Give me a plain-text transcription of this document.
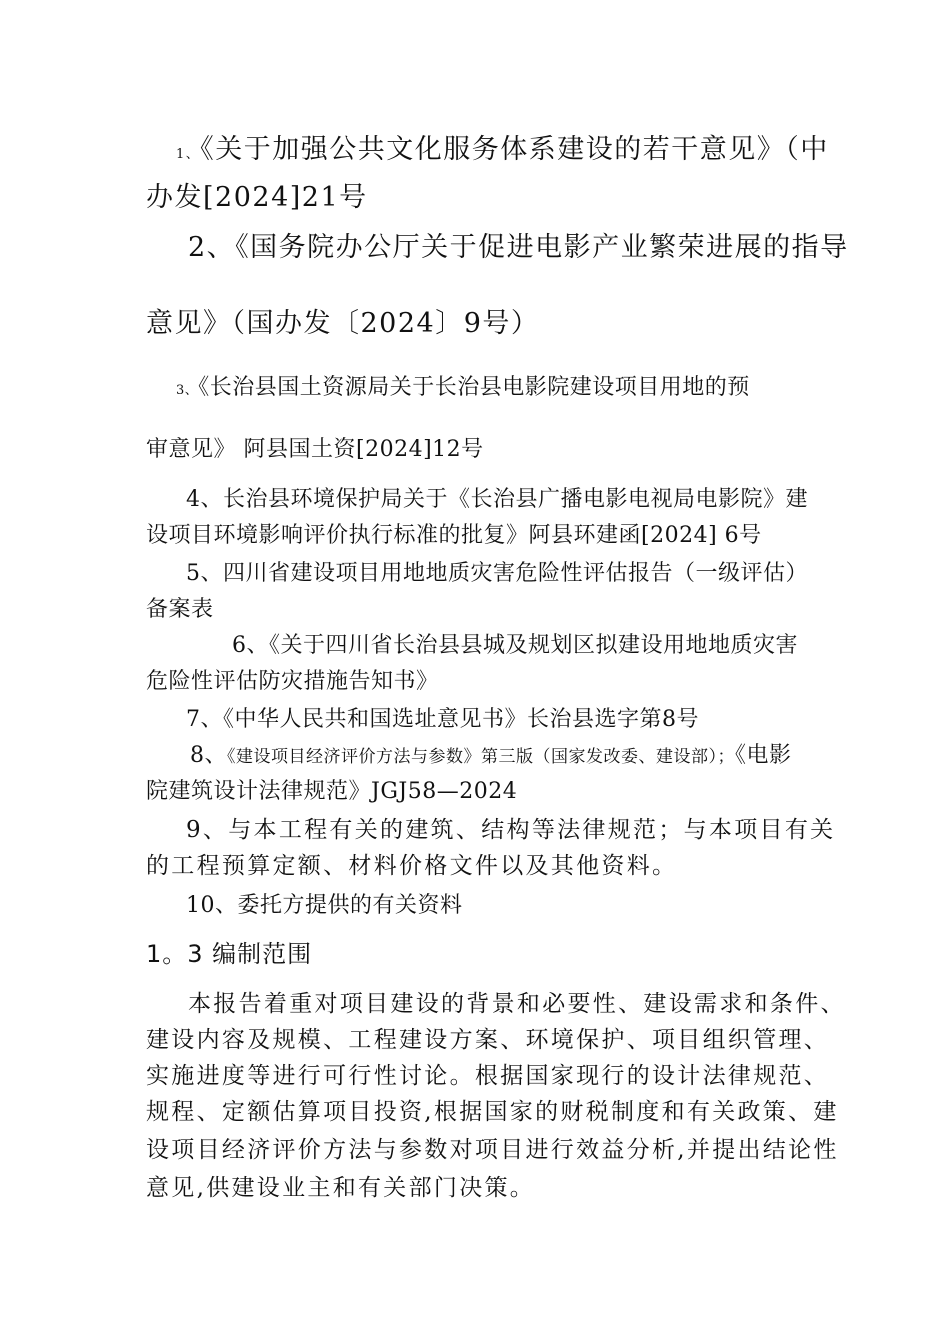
1、《关于加强公共文化服务体系建设的若干意见》（中
办发[2024]21号
2、《国务院办公厅关于促进电影产业繁荣进展的指导
意见》（国办发〔2024〕9号）
3、《长治县国土资源局关于长治县电影院建设项目用地的预
审意见》 阿县国土资[2024]12号
4、长治县环境保护局关于《长治县广播电影电视局电影院》建
设项目环境影响评价执行标准的批复》阿县环建函[2024] 6号
5、四川省建设项目用地地质灾害危险性评估报告（一级评估）
备案表
6、《关于四川省长治县县城及规划区拟建设用地地质灾害
危险性评估防灾措施告知书》
7、《中华人民共和国选址意见书》长治县选字第8号
8、《建设项目经济评价方法与参数》第三版（国家发改委、建设部）；《电影
院建筑设计法律规范》JGJ58—2024
9、与本工程有关的建筑、结构等法律规范；与本项目有关
的工程预算定额、材料价格文件以及其他资料。
10、委托方提供的有关资料
1。3 编制范围
本报告着重对项目建设的背景和必要性、建设需求和条件、
建设内容及规模、工程建设方案、环境保护、项目组织管理、
实施进度等进行可行性讨论。根据国家现行的设计法律规范、
规程、定额估算项目投资,根据国家的财税制度和有关政策、建
设项目经济评价方法与参数对项目进行效益分析,并提出结论性
意见,供建设业主和有关部门决策。
